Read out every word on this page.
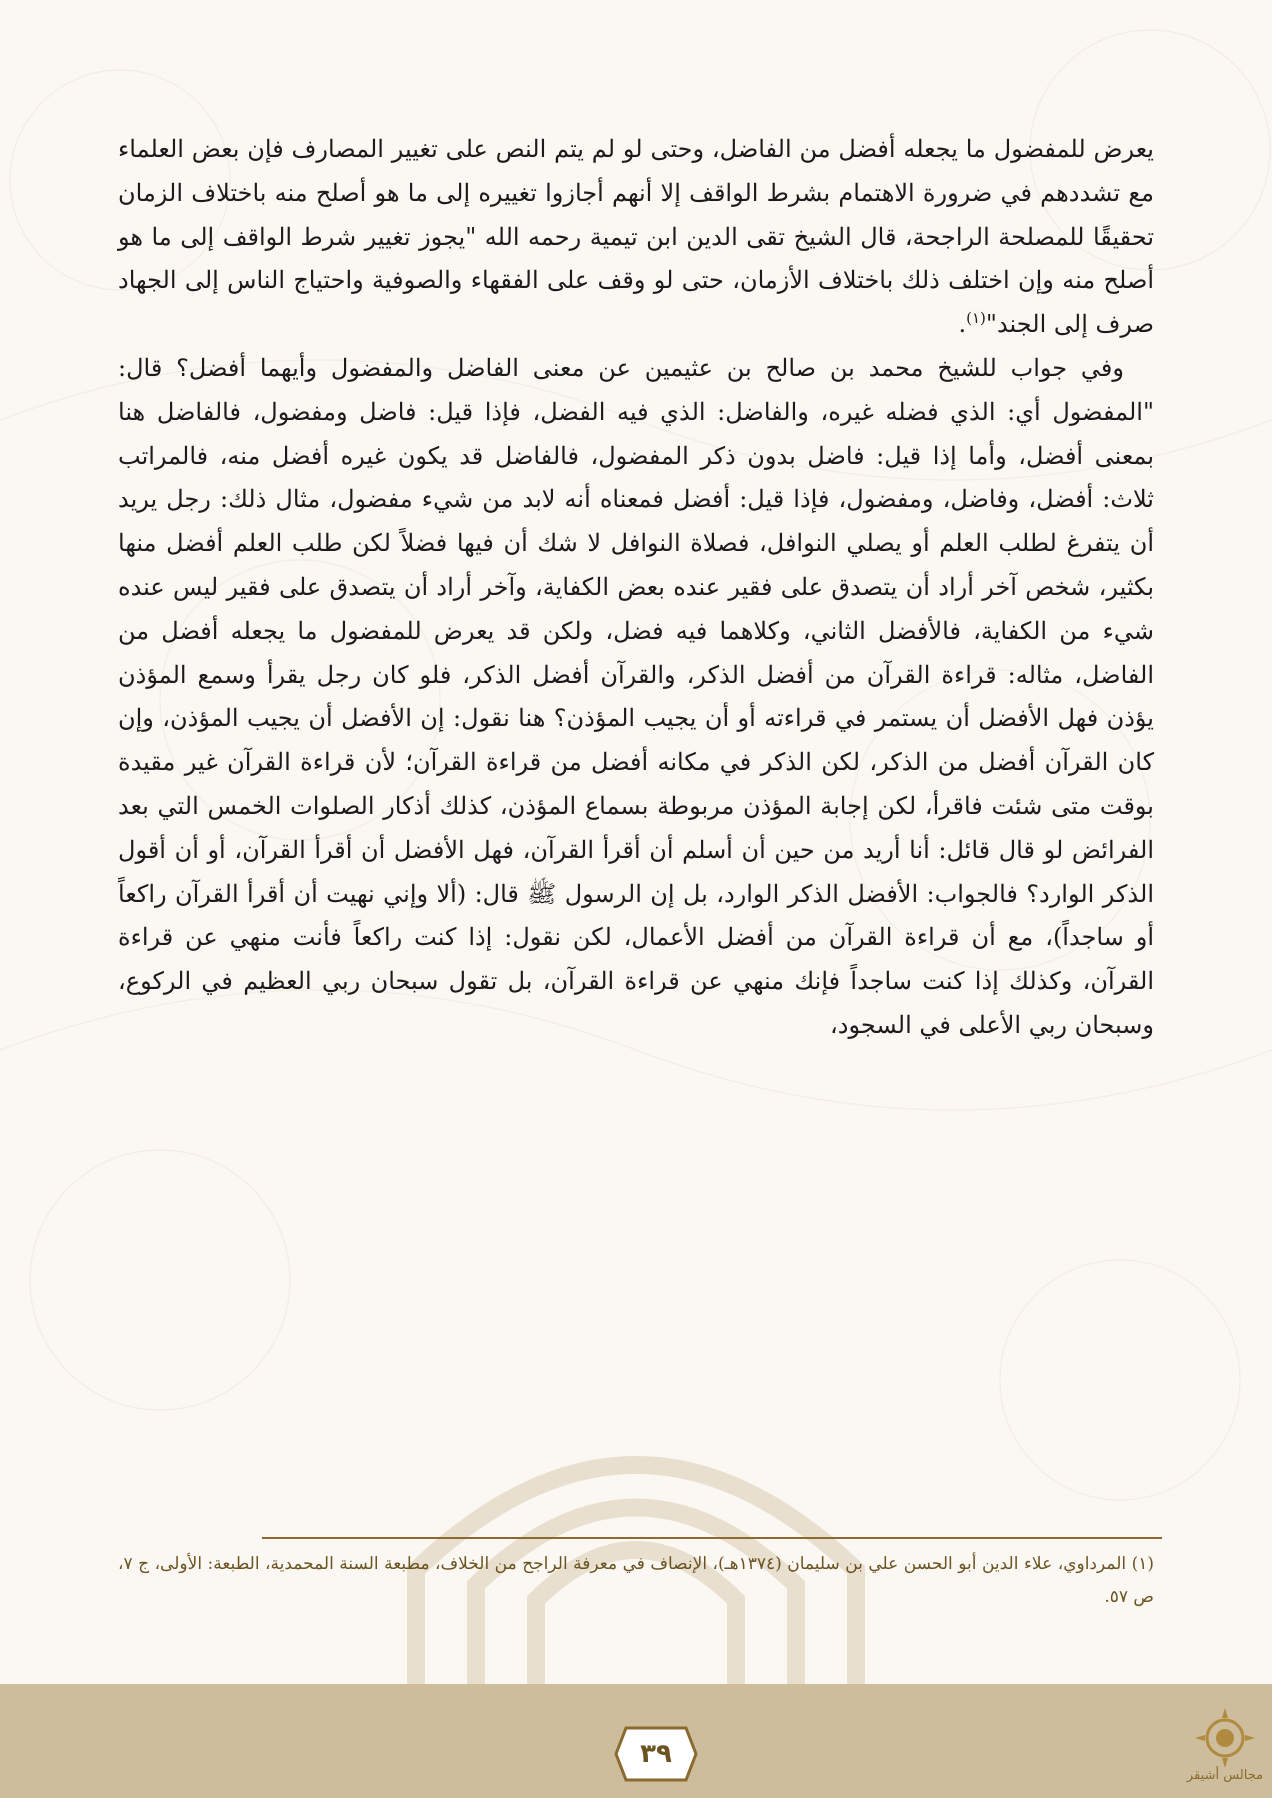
يعرض للمفضول ما يجعله أفضل من الفاضل، وحتى لو لم يتم النص على تغيير المصارف فإن بعض العلماء مع تشددهم في ضرورة الاهتمام بشرط الواقف إلا أنهم أجازوا تغييره إلى ما هو أصلح منه باختلاف الزمان تحقيقًا للمصلحة الراجحة، قال الشيخ تقى الدين ابن تيمية رحمه الله "يجوز تغيير شرط الواقف إلى ما هو أصلح منه وإن اختلف ذلك باختلاف الأزمان، حتى لو وقف على الفقهاء والصوفية واحتياج الناس إلى الجهاد صرف إلى الجند"$^{(١)}$.

وفي جواب للشيخ محمد بن صالح بن عثيمين عن معنى الفاضل والمفضول وأيهما أفضل؟ قال: "المفضول أي: الذي فضله غيره، والفاضل: الذي فيه الفضل، فإذا قيل: فاضل ومفضول، فالفاضل هنا بمعنى أفضل، وأما إذا قيل: فاضل بدون ذكر المفضول، فالفاضل قد يكون غيره أفضل منه، فالمراتب ثلاث: أفضل، وفاضل، ومفضول، فإذا قيل: أفضل فمعناه أنه لابد من شيء مفضول، مثال ذلك: رجل يريد أن يتفرغ لطلب العلم أو يصلي النوافل، فصلاة النوافل لا شك أن فيها فضلاً لكن طلب العلم أفضل منها بكثير، شخص آخر أراد أن يتصدق على فقير عنده بعض الكفاية، وآخر أراد أن يتصدق على فقير ليس عنده شيء من الكفاية، فالأفضل الثاني، وكلاهما فيه فضل، ولكن قد يعرض للمفضول ما يجعله أفضل من الفاضل، مثاله: قراءة القرآن من أفضل الذكر، والقرآن أفضل الذكر، فلو كان رجل يقرأ وسمع المؤذن يؤذن فهل الأفضل أن يستمر في قراءته أو أن يجيب المؤذن؟ هنا نقول: إن الأفضل أن يجيب المؤذن، وإن كان القرآن أفضل من الذكر، لكن الذكر في مكانه أفضل من قراءة القرآن؛ لأن قراءة القرآن غير مقيدة بوقت متى شئت فاقرأ، لكن إجابة المؤذن مربوطة بسماع المؤذن، كذلك أذكار الصلوات الخمس التي بعد الفرائض لو قال قائل: أنا أريد من حين أن أسلم أن أقرأ القرآن، فهل الأفضل أن أقرأ القرآن، أو أن أقول الذكر الوارد؟ فالجواب: الأفضل الذكر الوارد، بل إن الرسول ﷺ قال: (ألا وإني نهيت أن أقرأ القرآن راكعاً أو ساجداً)، مع أن قراءة القرآن من أفضل الأعمال، لكن نقول: إذا كنت راكعاً فأنت منهي عن قراءة القرآن، وكذلك إذا كنت ساجداً فإنك منهي عن قراءة القرآن، بل تقول سبحان ربي العظيم في الركوع، وسبحان ربي الأعلى في السجود،

(١) المرداوي، علاء الدين أبو الحسن علي بن سليمان (١٣٧٤هـ)، الإنصاف في معرفة الراجح من الخلاف، مطبعة السنة المحمدية، الطبعة: الأولى، ج ٧، ص ٥٧.
٣٩
مجالس أشيقر
